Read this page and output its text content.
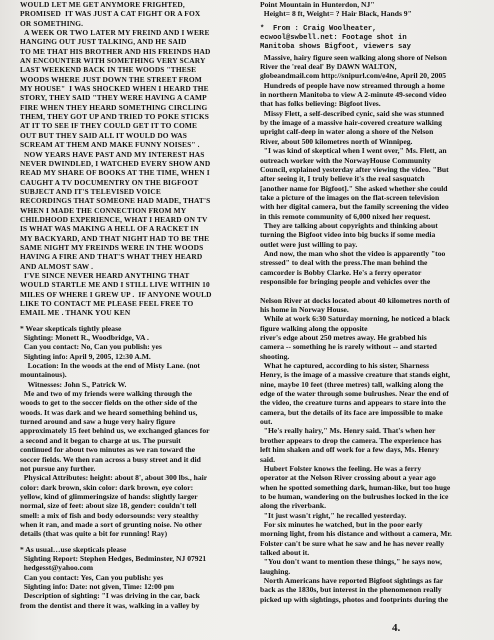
WOULD LET ME GET ANYMORE FRIGHTED,

PROMISED  IT WAS JUST A CAT FIGHT OR A FOX

OR SOMETHING.

A WEEK OR TWO LATER MY FREIND AND I WERE

HANGING OUT JUST TALKING, AND HE SAID

TO ME THAT HIS BROTHER AND HIS FREINDS HAD

AN ENCOUNTER WITH SOMETHING VERY SCARY

LAST WEEKEND BACK IN THE WOODS "THESE

WOODS WHERE JUST DOWN THE STREET FROM

MY HOUSE"  I WAS SHOCKED WHEN I HEARD THE

STORY, THEY SAID "THEY WERE HAVING A CAMP

FIRE WHEN THEY HEARD SOMETHING CIRCLING

THEM, THEY GOT UP AND TRIED TO POKE STICKS

AT IT TO SEE IF THEY COULD GET IT TO COME

OUT BUT THEY SAID ALL IT WOULD DO WAS

SCREAM AT THEM AND MAKE FUNNY NOISES" .

NOW YEARS HAVE PAST AND MY INTEREST HAS

NEVER DWINDLED, I WATCHED EVERY SHOW AND

READ MY SHARE OF BOOKS AT THE TIME, WHEN I

CAUGHT A TV DOCUMENTRY ON THE BIGFOOT

SUBJECT AND IT'S TELEVISED VOICE

RECORDINGS THAT SOMEONE HAD MADE, THAT'S

WHEN I MADE THE CONNECTION FROM MY

CHILDHOOD EXPERIENCE, WHAT I HEARD ON TV

IS WHAT WAS MAKING A HELL OF A RACKET IN

MY BACKYARD, AND THAT NIGHT HAD TO BE THE

SAME NIGHT MY FREINDS WERE IN THE WOODS

HAVING A FIRE AND THAT'S WHAT THEY HEARD

AND ALMOST SAW .

I'VE SINCE NEVER HEARD ANYTHING THAT

WOULD STARTLE ME AND I STILL LIVE WITHIN 10

MILES OF WHERE I GREW UP .  IF ANYONE WOULD

LIKE TO CONTACT ME PLEASE FEEL FREE TO

EMAIL ME . THANK YOU KEN

* Wear skepticals tightly please

Sighting: Monett R., Woodbridge, VA .

Can you contact: No, Can you publish: yes

Sighting info: April 9, 2005, 12:30 A.M.

Location: In the woods at the end of Misty Lane. (not

mountainous).

Witnesses: John S., Patrick W.

Me and two of my friends were walking through the

woods to get to the soccer fields on the other side of the

woods. It was dark and we heard something behind us,

turned around and saw a huge very hairy figure

approximately 15 feet behind us, we exchanged glances for

a second and it began to charge at us. The pursuit

continued for about two minutes as we ran toward the

soccer fields. We then ran across a busy street and it did

not pursue any further.

Physical Attributes: height: about 8', about 300 lbs., hair

color: dark brown, skin color: dark brown, eye color:

yellow, kind of glimmeringsize of hands: slightly larger

normal, size of feet: about size 18, gender: couldn't tell

smell: a mix of fish and body odorsounds: very stealthy

when it ran, and made a sort of grunting noise. No other

details (that was quite a bit for running! Ray)

* As usual…use skepticals please

Sighting Report: Stephen Hedges, Bedminster, NJ 07921

hedgesst@yahoo.com

Can you contact: Yes, Can you publish: yes

Sighting info: Date: not given, Time: 12:00 pm

Description of sighting: "I was driving in the car, back

from the dentist and there it was, walking in a valley by

Point Mountain in Hunterdon, NJ"

Height= 8 ft, Weight= ? Hair Black, Hands 9"

*  From : Craig Woolheater,

ecwool@swbell.net: Footage shot in

Manitoba shows Bigfoot, viewers say

Massive, hairy figure seen walking along shore of Nelson

River the 'real deal' By DAWN WALTON,

globeandmail.com http://snipurl.com/e4ne, April 20, 2005

Hundreds of people have now streamed through a home

in northern Manitoba to view A 2-minute 49-second video

that has folks believing: Bigfoot lives.

Missy Flett, a self-described cynic, said she was stunned

by the image of a massive hair-covered creature walking

upright calf-deep in water along a shore of the Nelson

River, about 500 kilometres north of Winnipeg.

"I was kind of skeptical when I went over," Ms. Flett, an

outreach worker with the NorwayHouse Community

Council, explained yesterday after viewing the video. "But

after seeing it, I truly believe it's the real sasquatch

[another name for Bigfoot]." She asked whether she could

take a picture of the images on the flat-screen television

with her digital camera, but the family screening the video

in this remote community of 6,000 nixed her request.

They are talking about copyrights and thinking about

turning the Bigfoot video into big bucks if some media

outlet were just willing to pay.

And now, the man who shot the video is apparently "too

stressed" to deal with the press.The man behind the

camcorder is Bobby Clarke. He's a ferry operator

responsible for bringing people and vehicles over the

Nelson River at docks located about 40 kilometres north of

his home in Norway House.

While at work 6:30 Saturday morning, he noticed a black

figure walking along the opposite

river's edge about 250 metres away. He grabbed his

camera -- something he is rarely without -- and started

shooting.

What he captured, according to his sister, Sharness

Henry, is the image of a massive creature that stands eight,

nine, maybe 10 feet (three metres) tall, walking along the

edge of the water through some bulrushes. Near the end of

the video, the creature turns and appears to stare into the

camera, but the details of its face are impossible to make

out.

"He's really hairy," Ms. Henry said. That's when her

brother appears to drop the camera. The experience has

left him shaken and off work for a few days, Ms. Henry

said.

Hubert Folster knows the feeling. He was a ferry

operator at the Nelson River crossing about a year ago

when he spotted something dark, human-like, but too huge

to be human, wandering on the bulrushes locked in the ice

along the riverbank.

"It just wasn't right," he recalled yesterday.

For six minutes he watched, but in the poor early

morning light, from his distance and without a camera, Mr.

Folster can't be sure what he saw and he has never really

talked about it.

"You don't want to mention these things," he says now,

laughing.

North Americans have reported Bigfoot sightings as far

back as the 1830s, but interest in the phenomenon really

picked up with sightings, photos and footprints during the

4.
